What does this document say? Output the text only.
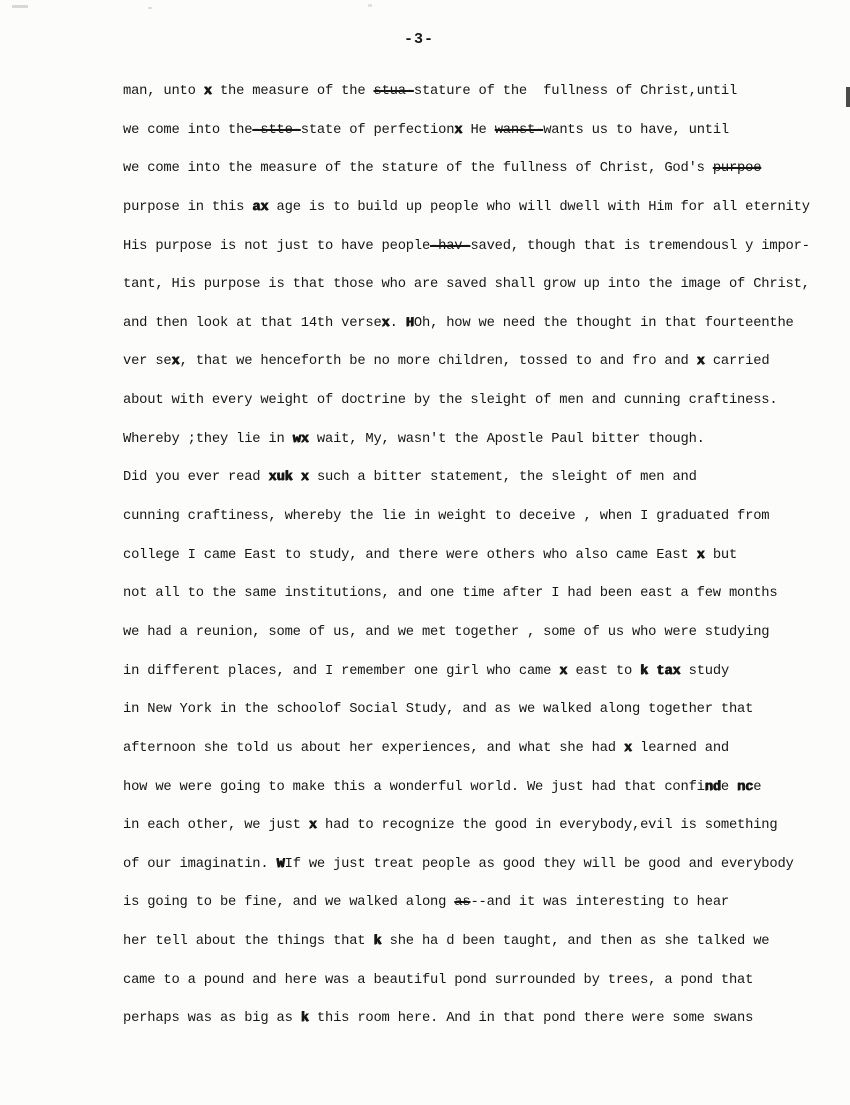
-3-
man, unto x the measure of the stua-stature of the  fullness of Christ,until
we come into the-stte-state of perfectionx He wanst-wants us to have, until
we come into the measure of the stature of the fullness of Christ, God's purpoe
purpose in this ax age is to build up people who will dwell with Him for all eternity
His purpose is not just to have people-hav-saved, though that is tremendousl y impor-
tant, His purpose is that those who are saved shall grow up into the image of Christ,
and then look at that 14th versex. HOh, how we need the thought in that fourteenthe
ver sex, that we henceforth be no more children, tossed to and fro and x carried
about with every weight of doctrine by the sleight of men and cunning craftiness.
Whereby ;they lie in wx wait, My, wasn't the Apostle Paul bitter though.
Did you ever read xuk x such a bitter statement, the sleight of men and
cunning craftiness, whereby the lie in weight to deceive , when I graduated from
college I came East to study, and there were others who also came East x but
not all to the same institutions, and one time after I had been east a few months
we had a reunion, some of us, and we met together , some of us who were studying
in different places, and I remember one girl who came x east to k tax study
in New York in the schoolof Social Study, and as we walked along together that
afternoon she told us about her experiences, and what she had x learned and
how we were going to make this a wonderful world. We just had that confinde nce
in each other, we just x had to recognize the good in everybody,evil is something
of our imaginatin. WIf we just treat people as good they will be good and everybody
is going to be fine, and we walked along as--and it was interesting to hear
her tell about the things that k she ha d been taught, and then as she talked we
came to a pound and here was a beautiful pond surrounded by trees, a pond that
perhaps was as big as k this room here. And in that pond there were some swans
